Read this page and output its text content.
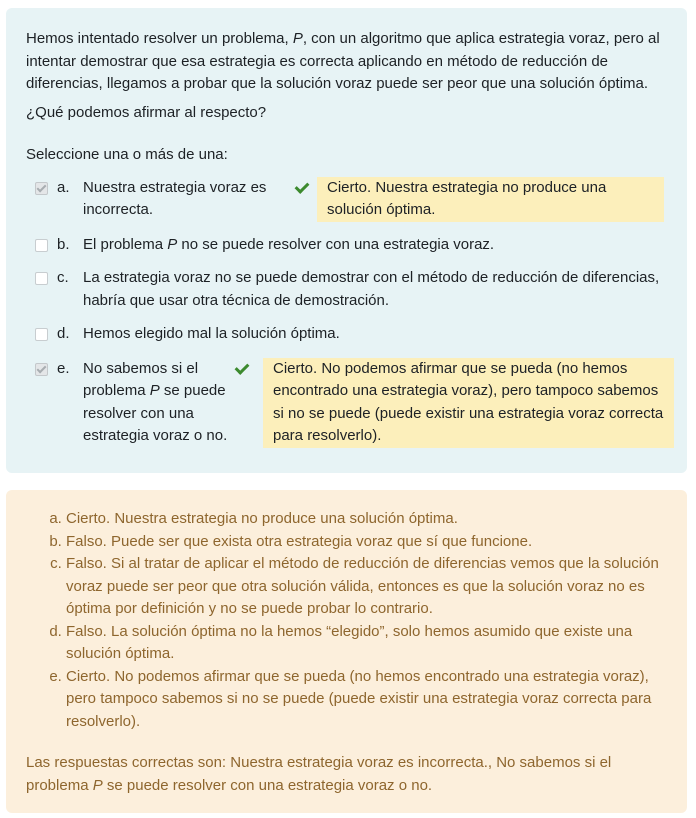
Hemos intentado resolver un problema, P, con un algoritmo que aplica estrategia voraz, pero al intentar demostrar que esa estrategia es correcta aplicando en método de reducción de diferencias, llegamos a probar que la solución voraz puede ser peor que una solución óptima.

¿Qué podemos afirmar al respecto?

Seleccione una o más de una:
a. Nuestra estrategia voraz es incorrecta.
Cierto. Nuestra estrategia no produce una solución óptima.
b. El problema P no se puede resolver con una estrategia voraz.
c. La estrategia voraz no se puede demostrar con el método de reducción de diferencias, habría que usar otra técnica de demostración.
d. Hemos elegido mal la solución óptima.
e. No sabemos si el problema P se puede resolver con una estrategia voraz o no.
Cierto. No podemos afirmar que se pueda (no hemos encontrado una estrategia voraz), pero tampoco sabemos si no se puede (puede existir una estrategia voraz correcta para resolverlo).
a. Cierto. Nuestra estrategia no produce una solución óptima.
b. Falso. Puede ser que exista otra estrategia voraz que sí que funcione.
c. Falso. Si al tratar de aplicar el método de reducción de diferencias vemos que la solución voraz puede ser peor que otra solución válida, entonces es que la solución voraz no es óptima por definición y no se puede probar lo contrario.
d. Falso. La solución óptima no la hemos “elegido”, solo hemos asumido que existe una solución óptima.
e. Cierto. No podemos afirmar que se pueda (no hemos encontrado una estrategia voraz), pero tampoco sabemos si no se puede (puede existir una estrategia voraz correcta para resolverlo).
Las respuestas correctas son: Nuestra estrategia voraz es incorrecta., No sabemos si el problema P se puede resolver con una estrategia voraz o no.
